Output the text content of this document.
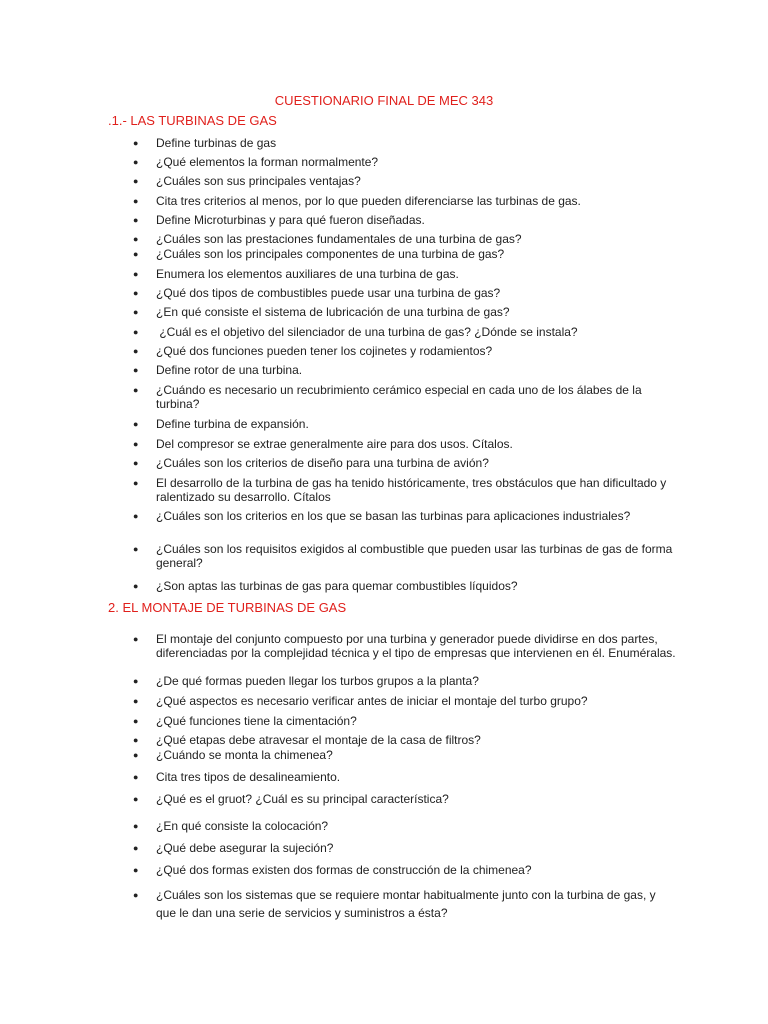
CUESTIONARIO FINAL DE MEC 343
.1.- LAS TURBINAS DE GAS

● Define turbinas de gas

● ¿Qué elementos la forman normalmente?

● ¿Cuáles son sus principales ventajas?

● Cita tres criterios al menos, por lo que pueden diferenciarse las turbinas de gas.

● Define Microturbinas y para qué fueron diseñadas.

● ¿Cuáles son las prestaciones fundamentales de una turbina de gas?

● ¿Cuáles son los principales componentes de una turbina de gas?

● Enumera los elementos auxiliares de una turbina de gas.

● ¿Qué dos tipos de combustibles puede usar una turbina de gas?

● ¿En qué consiste el sistema de lubricación de una turbina de gas?

● ¿Cuál es el objetivo del silenciador de una turbina de gas? ¿Dónde se instala?

● ¿Qué dos funciones pueden tener los cojinetes y rodamientos?

● Define rotor de una turbina.

● ¿Cuándo es necesario un recubrimiento cerámico especial en cada uno de los álabes de la turbina?

● Define turbina de expansión.

● Del compresor se extrae generalmente aire para dos usos. Cítalos.

● ¿Cuáles son los criterios de diseño para una turbina de avión?

● El desarrollo de la turbina de gas ha tenido históricamente, tres obstáculos que han dificultado y ralentizado su desarrollo. Cítalos

● ¿Cuáles son los criterios en los que se basan las turbinas para aplicaciones industriales?

● ¿Cuáles son los requisitos exigidos al combustible que pueden usar las turbinas de gas de forma general?

● ¿Son aptas las turbinas de gas para quemar combustibles líquidos?

2. EL MONTAJE DE TURBINAS DE GAS

● El montaje del conjunto compuesto por una turbina y generador puede dividirse en dos partes, diferenciadas por la complejidad técnica y el tipo de empresas que intervienen en él. Enuméralas.

● ¿De qué formas pueden llegar los turbos grupos a la planta?

● ¿Qué aspectos es necesario verificar antes de iniciar el montaje del turbo grupo?

● ¿Qué funciones tiene la cimentación?

● ¿Qué etapas debe atravesar el montaje de la casa de filtros?

● ¿Cuándo se monta la chimenea?

● Cita tres tipos de desalineamiento.

● ¿Qué es el gruot? ¿Cuál es su principal característica?

● ¿En qué consiste la colocación?

● ¿Qué debe asegurar la sujeción?

● ¿Qué dos formas existen dos formas de construcción de la chimenea?

● ¿Cuáles son los sistemas que se requiere montar habitualmente junto con la turbina de gas, y que le dan una serie de servicios y suministros a ésta?
